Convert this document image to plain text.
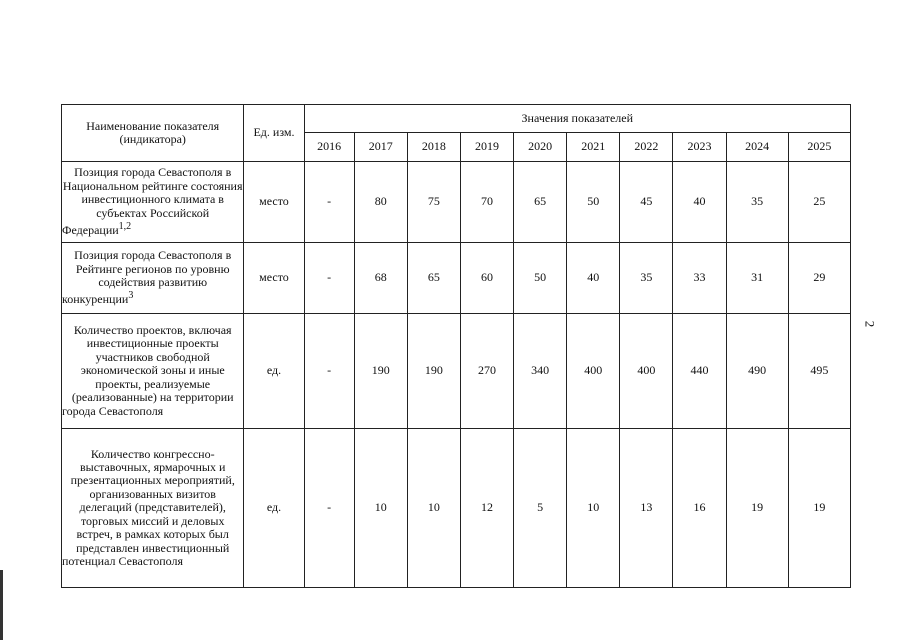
2
Наименование показателя (индикатора)	Ед. изм.	Значения показателей									
		2016	2017	2018	2019	2020	2021	2022	2023	2024	2025
Позиция города Севастополя в Национальном рейтинге состояния инвестиционного климата в субъектах Российской Федерации$^{1,2}$	место	-	80	75	70	65	50	45	40	35	25
Позиция города Севастополя в Рейтинге регионов по уровню содействия развитию конкуренции$^3$	место	-	68	65	60	50	40	35	33	31	29
Количество проектов, включая инвестиционные проекты участников свободной экономической зоны и иные проекты, реализуемые (реализованные) на территории города Севастополя	ед.	-	190	190	270	340	400	400	440	490	495
Количество конгрессно-выставочных, ярмарочных и презентационных мероприятий, организованных визитов делегаций (представителей), торговых миссий и деловых встреч, в рамках которых был представлен инвестиционный потенциал Севастополя	ед.	-	10	10	12	5	10	13	16	19	19
